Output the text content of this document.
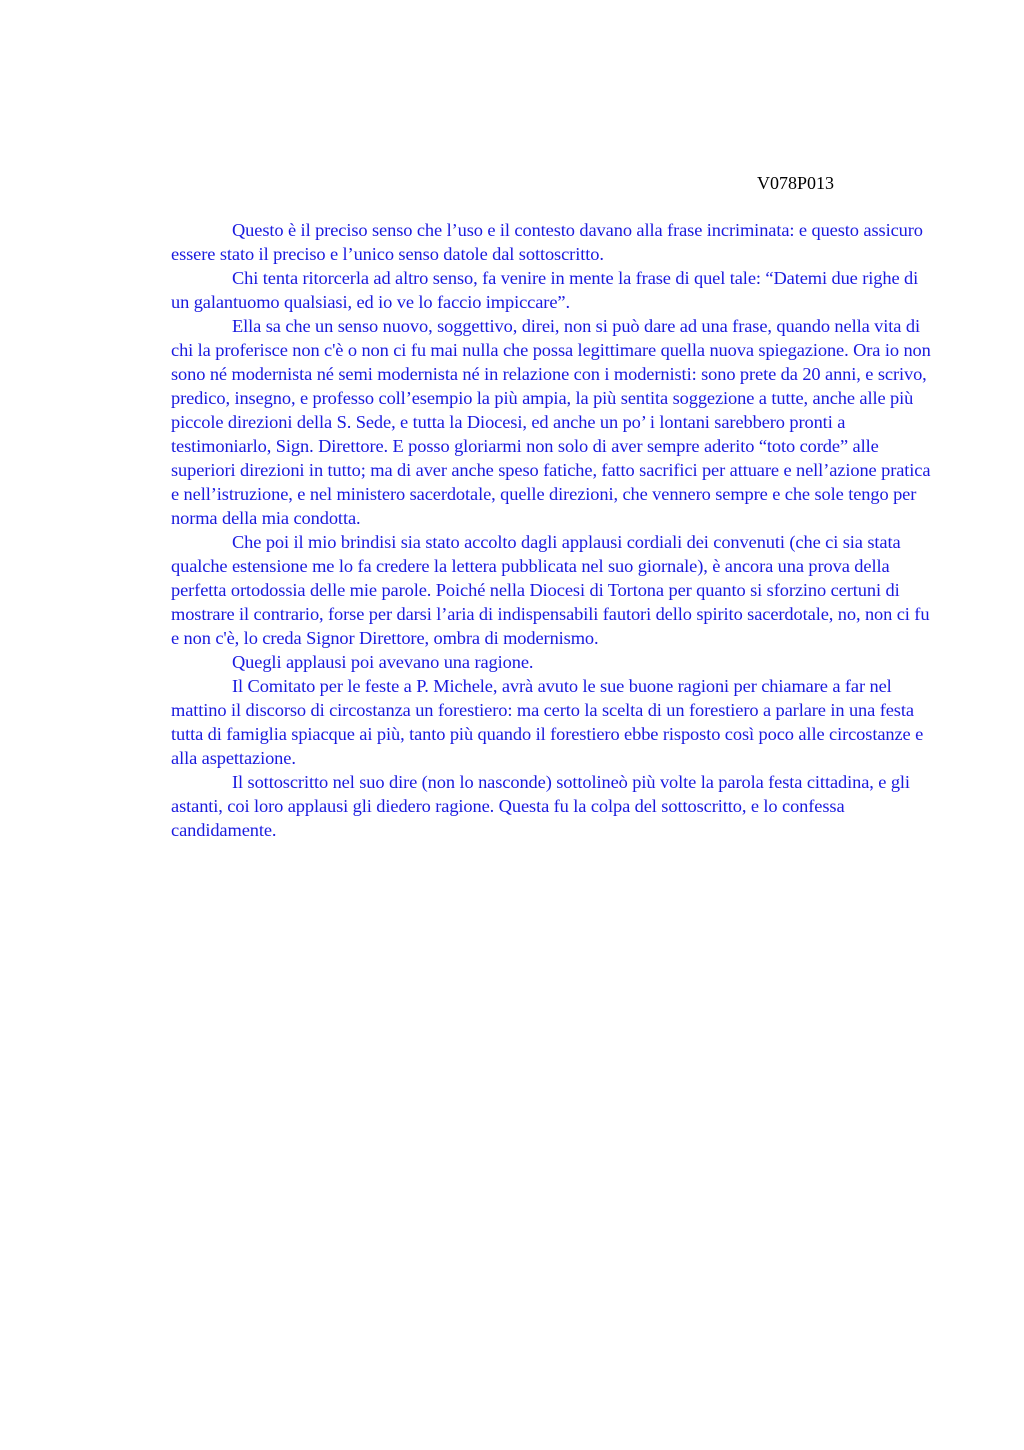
V078P013

Questo è il preciso senso che l’uso e il contesto davano alla frase incriminata: e questo assicuro essere stato il preciso e l’unico senso datole dal sottoscritto.

Chi tenta ritorcerla ad altro senso, fa venire in mente la frase di quel tale: “Datemi due righe di un galantuomo qualsiasi, ed io ve lo faccio impiccare”.

Ella sa che un senso nuovo, soggettivo, direi, non si può dare ad una frase, quando nella vita di chi la proferisce non c'è o non ci fu mai nulla che possa legittimare quella nuova spiegazione. Ora io non sono né modernista né semi modernista né in relazione con i modernisti: sono prete da 20 anni, e scrivo, predico, insegno, e professo coll’esempio la più ampia, la più sentita soggezione a tutte, anche alle più piccole direzioni della S. Sede, e tutta la Diocesi, ed anche un po’ i lontani sarebbero pronti a testimoniarlo, Sign. Direttore. E posso gloriarmi non solo di aver sempre aderito “toto corde” alle superiori direzioni in tutto; ma di aver anche speso fatiche, fatto sacrifici per attuare e nell’azione pratica e nell’istruzione, e nel ministero sacerdotale, quelle direzioni, che vennero sempre e che sole tengo per norma della mia condotta.

Che poi il mio brindisi sia stato accolto dagli applausi cordiali dei convenuti (che ci sia stata qualche estensione me lo fa credere la lettera pubblicata nel suo giornale), è ancora una prova della perfetta ortodossia delle mie parole. Poiché nella Diocesi di Tortona per quanto si sforzino certuni di mostrare il contrario, forse per darsi l’aria di indispensabili fautori dello spirito sacerdotale, no, non ci fu e non c'è, lo creda Signor Direttore, ombra di modernismo.

Quegli applausi poi avevano una ragione.

Il Comitato per le feste a P. Michele, avrà avuto le sue buone ragioni per chiamare a far nel mattino il discorso di circostanza un forestiero: ma certo la scelta di un forestiero a parlare in una festa tutta di famiglia spiacque ai più, tanto più quando il forestiero ebbe risposto così poco alle circostanze e alla aspettazione.

Il sottoscritto nel suo dire (non lo nasconde) sottolineò più volte la parola festa cittadina, e gli astanti, coi loro applausi gli diedero ragione. Questa fu la colpa del sottoscritto, e lo confessa candidamente.
